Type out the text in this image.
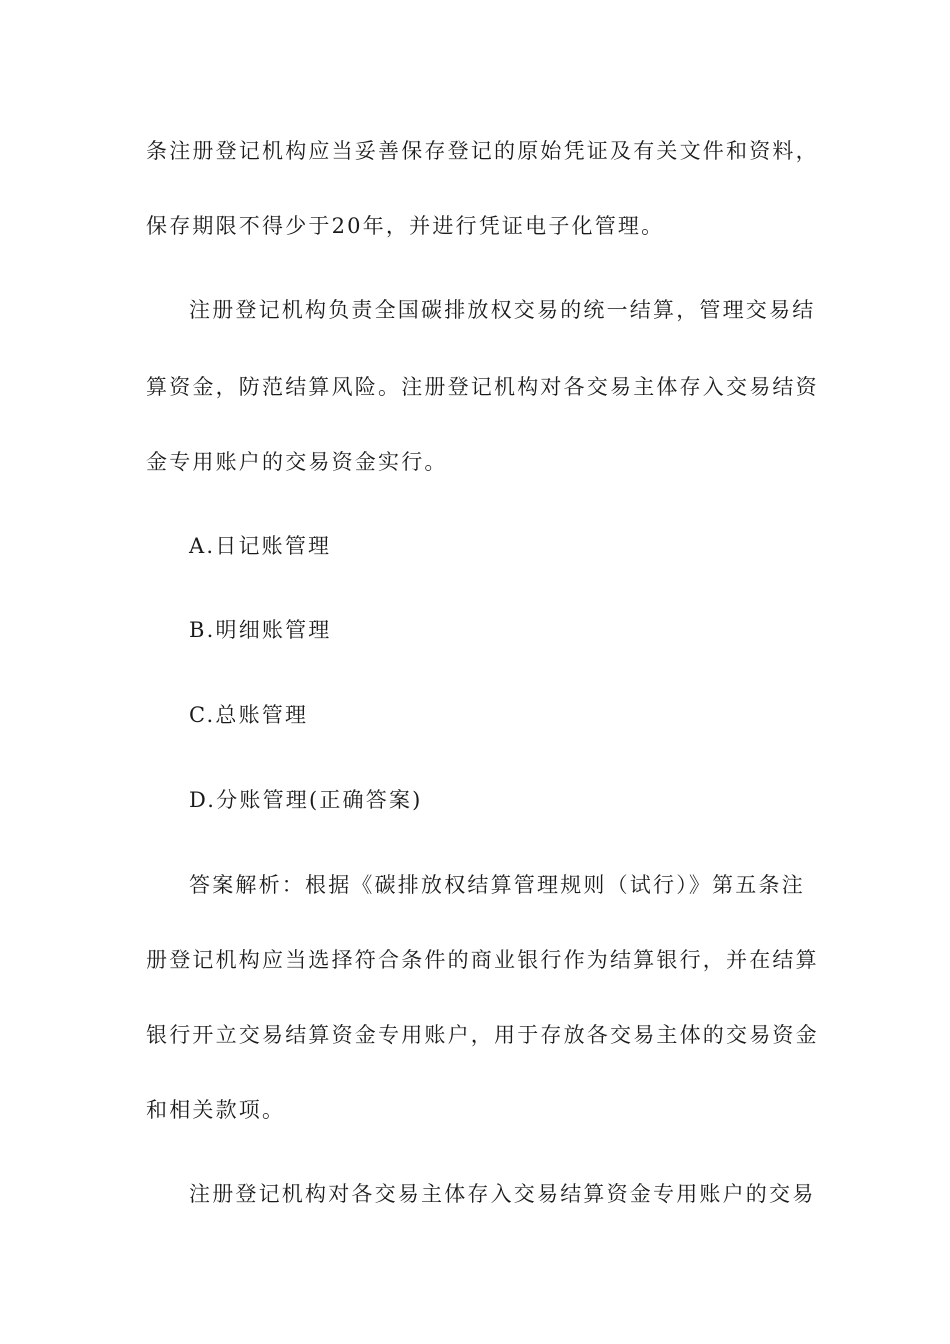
条注册登记机构应当妥善保存登记的原始凭证及有关文件和资料，
保存期限不得少于20年，并进行凭证电子化管理。
注册登记机构负责全国碳排放权交易的统一结算，管理交易结
算资金，防范结算风险。注册登记机构对各交易主体存入交易结资
金专用账户的交易资金实行。
A.日记账管理
B.明细账管理
C.总账管理
D.分账管理(正确答案)
答案解析：根据《碳排放权结算管理规则（试行）》第五条注
册登记机构应当选择符合条件的商业银行作为结算银行，并在结算
银行开立交易结算资金专用账户，用于存放各交易主体的交易资金
和相关款项。
注册登记机构对各交易主体存入交易结算资金专用账户的交易
